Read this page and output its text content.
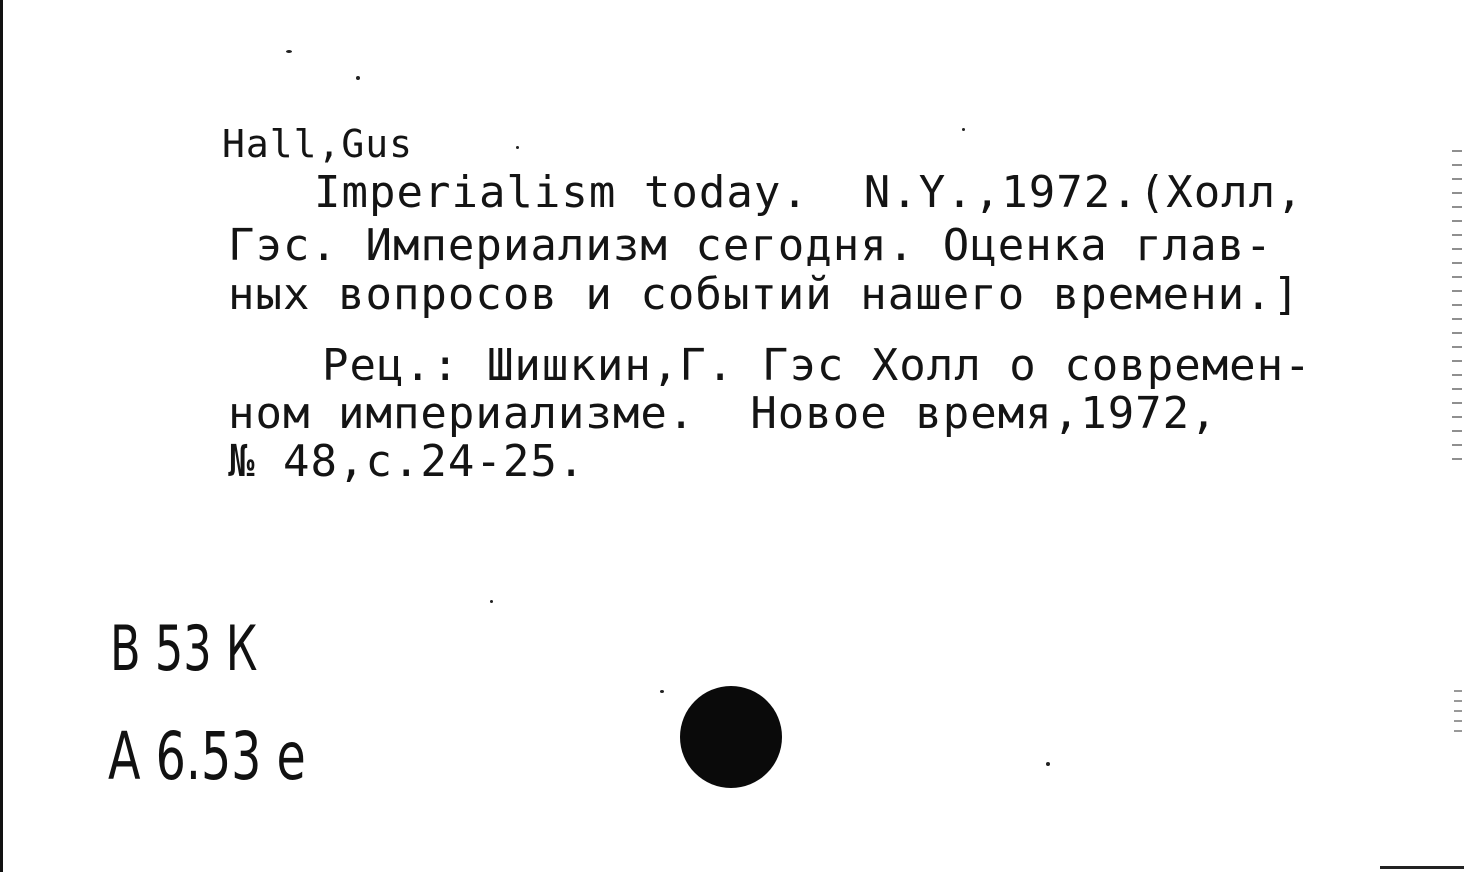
Hall,Gus
Imperialism today.  N.Y.,1972.(Холл,
Гэс. Империализм сегодня. Оценка глав-
ных вопросов и событий нашего времени.]
Рец.: Шишкин,Г. Гэс Холл о современ-
ном империализме.  Новое время,1972,
№ 48,с.24-25.
В 53 К
А 6.53 е
